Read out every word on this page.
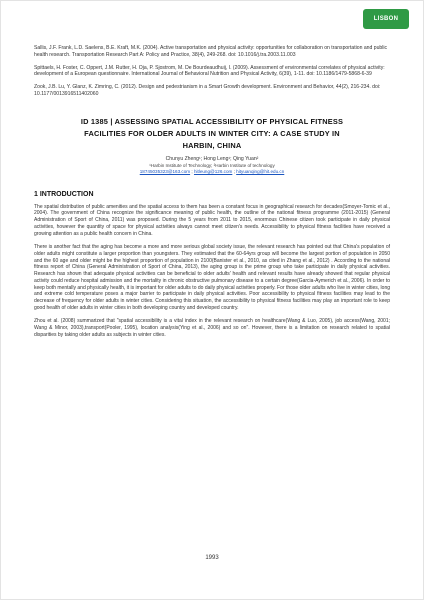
LISBON

Sallis, J.F. Frank, L.D. Saelens, B.E. Kraft, M.K. (2004). Active transportation and physical activity: opportunities for collaboration on transportation and public health research. Transportation Research Part A: Policy and Practice, 38(4), 249-268. doi: 10.1016/j.tra.2003.11.003

Spittaels, H. Foster, C. Oppert, J.M. Rutter, H. Oja, P. Sjostrom, M. De Bourdeaudhuij, I. (2009). Assessment of environmental correlates of physical activity: development of a European questionnaire. International Journal of Behavioral Nutrition and Physical Activity, 6(39), 1-11. doi: 10.1186/1479-5868-6-39

Zook, J.B. Lu, Y. Glanz, K. Zimring, C. (2012). Design and pedestrianism in a Smart Growth development. Environment and Behavior, 44(2), 216-234. doi: 10.1177/0013916511402060

ID 1385 | ASSESSING SPATIAL ACCESSIBILITY OF PHYSICAL FITNESS
FACILITIES FOR OLDER ADULTS IN WINTER CITY: A CASE STUDY IN
HARBIN, CHINA
Chunyu Zheng¹; Hong Leng¹; Qing Yuan²
¹Harbin Institute of Technology; ²Harbin Institute of technology
18745035323@163.com ; hitleung@126.com ; hityuanqing@hit.edu.cn
1 INTRODUCTION

The spatial distribution of public amenities and the spatial access to them has been a constant focus in geographical research for decades(Smoyer-Tomic et al., 2004). The government of China recognize the significance meaning of public health, the outline of the national fitness programme (2011-2015) (General Administration of Sport of China, 2011) was proposed. During the 5 years from 2011 to 2015, enormous Chinese citizen took participate in daily physical activities, however the quantity of space for physical activities always cannot meet citizen's needs. Accessibility to physical fitness facilities have received a growing attention as a public health concern in China.

There is another fact that the aging has become a more and more serious global society issue, the relevant research has pointed out that China's population of older adults might constitute a larger proportion than youngsters. They estimated that the 60-64yrs group will become the largest portion of population in 2050 and the 60 age and older might be the highest proportion of population in 2100(Banister et al., 2010, as cited in Zhang et al., 2012) . According to the national fitness report of China (General Administration of Sport of China, 2013), the aging group is the prime group who take participate in daily physical activities. Research has shown that adequate physical activities can be beneficial to older adults' health and relevant results have already showed that regular physical activity could reduce hospital admission and the mortality in chronic obstructive pulmonary disease to a certain degree(Garcia-Aymerich et al., 2006). In order to keep both mentally and physically health, it is important for older adults to do daily physical activities properly. For those older adults who live in winter cities, long and extreme cold temperature poses a major barrier to participate in daily physical activities. Poor accessibility to physical fitness facilities may lead to the decrease of frequency for older adults in winter cities. Considering this situation, the accessibility to physical fitness facilities may play an important role to keep good health of older adults in winter cities in both developing country and developed country.

Zhou et al. (2008) summarized that "spatial accessibility is a vital index in the relevant research on healthcare(Wang & Luo, 2005), job access(Wang, 2001; Wang & Minor, 2003),transport(Pooler, 1995), location analysis(Ying et al., 2006) and so on". However, there is a limitation on research related to spatial disparities by taking older adults as subjects in winter cities.

1993
